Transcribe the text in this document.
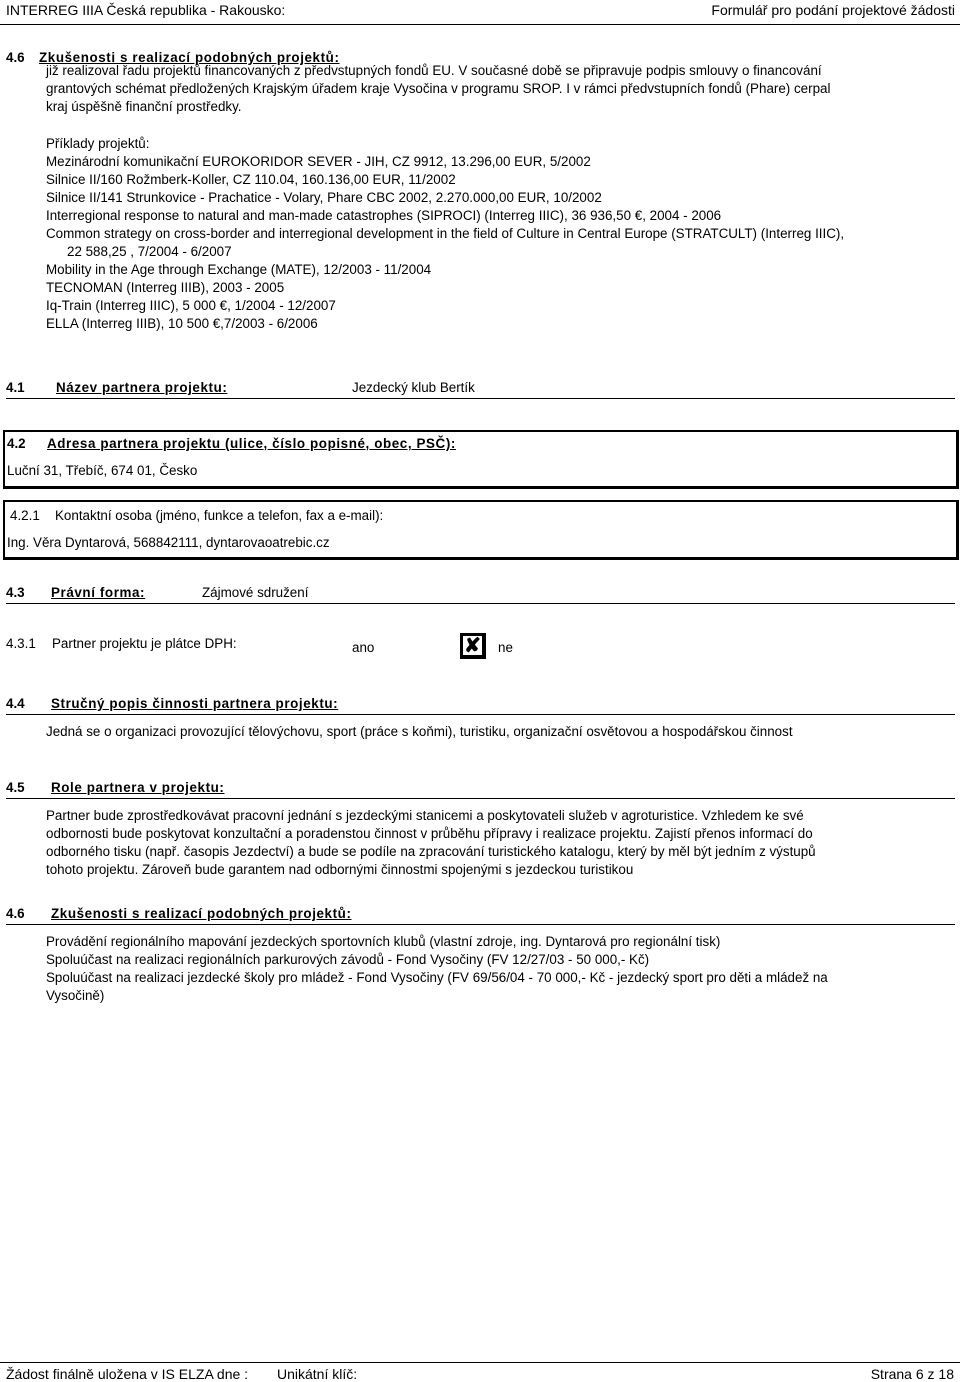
INTERREG IIIA Česká republika - Rakousko:	Formulář pro podání projektové žádosti
4.6 Zkušenosti s realizací podobných projektů:
již realizoval řadu projektů financovaných z předvstupných fondů EU. V současné době se připravuje podpis smlouvy o financování
grantových schémat předložených Krajským úřadem kraje Vysočina v programu SROP. I v rámci předvstupních fondů (Phare) cerpal
kraj úspěšně finanční prostředky.
Příklady projektů:
Mezinárodní komunikační EUROKORIDOR SEVER - JIH, CZ 9912, 13.296,00 EUR, 5/2002
Silnice II/160 Rožmberk-Koller, CZ 110.04, 160.136,00 EUR, 11/2002
Silnice II/141 Strunkovice - Prachatice - Volary, Phare CBC 2002, 2.270.000,00 EUR, 10/2002
Interregional response to natural and man-made catastrophes (SIPROCI) (Interreg IIIC), 36 936,50 €, 2004 - 2006
Common strategy on cross-border and interregional development in the field of Culture in Central Europe (STRATCULT) (Interreg IIIC),
22 588,25 , 7/2004 - 6/2007
Mobility in the Age through Exchange (MATE), 12/2003 - 11/2004
TECNOMAN (Interreg IIIB), 2003 - 2005
Iq-Train (Interreg IIIC), 5 000 €, 1/2004 - 12/2007
ELLA (Interreg IIIB), 10 500 €,7/2003 - 6/2006
4.1 Název partnera projektu:	Jezdecký klub Bertík
4.2 Adresa partnera projektu (ulice, číslo popisné, obec, PSČ):
Luční 31, Třebíč, 674 01, Česko
4.2.1 Kontaktní osoba (jméno, funkce a telefon, fax a e-mail):
Ing. Věra Dyntarová, 568842111, dyntarovaoatrebic.cz
4.3 Právní forma:	Zájmové sdružení
4.3.1 Partner projektu je plátce DPH:	ano	✘	ne
4.4 Stručný popis činnosti partnera projektu:
Jedná se o organizaci provozující tělovýchovu, sport (práce s koňmi), turistiku, organizační osvětovou a hospodářskou činnost
4.5 Role partnera v projektu:
Partner bude zprostředkovávat pracovní jednání s jezdeckými stanicemi a poskytovateli služeb v agroturistice. Vzhledem ke své
odbornosti bude poskytovat konzultační a poradenstou činnost v průběhu přípravy i realizace projektu. Zajistí přenos informací do
odborného tisku (např. časopis Jezdectví) a bude se podíle na zpracování turistického katalogu, který by měl být jedním z výstupů
tohoto projektu. Zároveň bude garantem nad odbornými činnostmi spojenými s jezdeckou turistikou
4.6 Zkušenosti s realizací podobných projektů:
Provádění regionálního mapování jezdeckých sportovních klubů (vlastní zdroje, ing. Dyntarová pro regionální tisk)
Spoluúčast na realizaci regionálních parkurových závodů - Fond Vysočiny (FV 12/27/03 - 50 000,- Kč)
Spoluúčast na realizaci jezdecké školy pro mládež - Fond Vysočiny (FV 69/56/04 - 70 000,- Kč - jezdecký sport pro děti a mládež na
Vysočině)
Žádost finálně uložena v IS ELZA dne : Unikátní klíč:	Strana 6 z 18
